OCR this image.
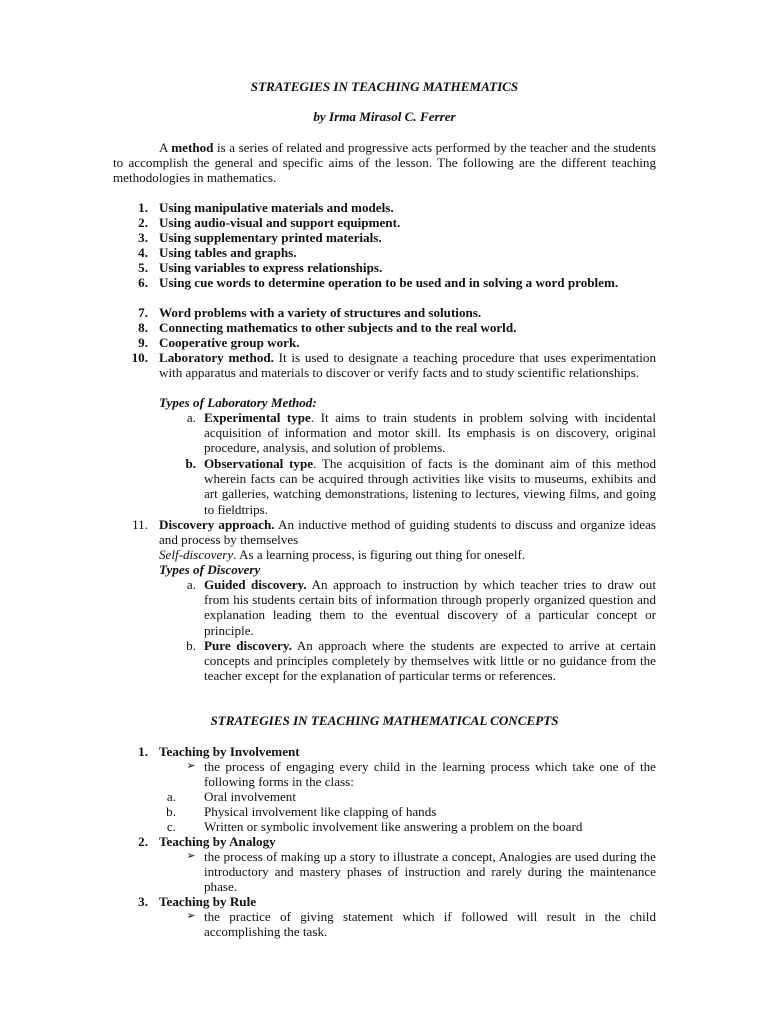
STRATEGIES IN TEACHING MATHEMATICS
by Irma Mirasol C. Ferrer
A method is a series of related and progressive acts performed by the teacher and the students to accomplish the general and specific aims of the lesson. The following are the different teaching methodologies in mathematics.
1. Using manipulative materials and models.
2. Using audio-visual and support equipment.
3. Using supplementary printed materials.
4. Using tables and graphs.
5. Using variables to express relationships.
6. Using cue words to determine operation to be used and in solving a word problem.
7. Word problems with a variety of structures and solutions.
8. Connecting mathematics to other subjects and to the real world.
9. Cooperative group work.
10. Laboratory method. It is used to designate a teaching procedure that uses experimentation with apparatus and materials to discover or verify facts and to study scientific relationships.
Types of Laboratory Method:
a. Experimental type. It aims to train students in problem solving with incidental acquisition of information and motor skill. Its emphasis is on discovery, original procedure, analysis, and solution of problems.
b. Observational type. The acquisition of facts is the dominant aim of this method wherein facts can be acquired through activities like visits to museums, exhibits and art galleries, watching demonstrations, listening to lectures, viewing films, and going to fieldtrips.
11. Discovery approach. An inductive method of guiding students to discuss and organize ideas and process by themselves
Self-discovery. As a learning process, is figuring out thing for oneself.
Types of Discovery
a. Guided discovery. An approach to instruction by which teacher tries to draw out from his students certain bits of information through properly organized question and explanation leading them to the eventual discovery of a particular concept or principle.
b. Pure discovery. An approach where the students are expected to arrive at certain concepts and principles completely by themselves witk little or no guidance from the teacher except for the explanation of particular terms or references.
STRATEGIES IN TEACHING MATHEMATICAL CONCEPTS
1. Teaching by Involvement
➢ the process of engaging every child in the learning process which take one of the following forms in the class:
a. Oral involvement
b. Physical involvement like clapping of hands
c. Written or symbolic involvement like answering a problem on the board
2. Teaching by Analogy
➢ the process of making up a story to illustrate a concept, Analogies are used during the introductory and mastery phases of instruction and rarely during the maintenance phase.
3. Teaching by Rule
➢ the practice of giving statement which if followed will result in the child accomplishing the task.
